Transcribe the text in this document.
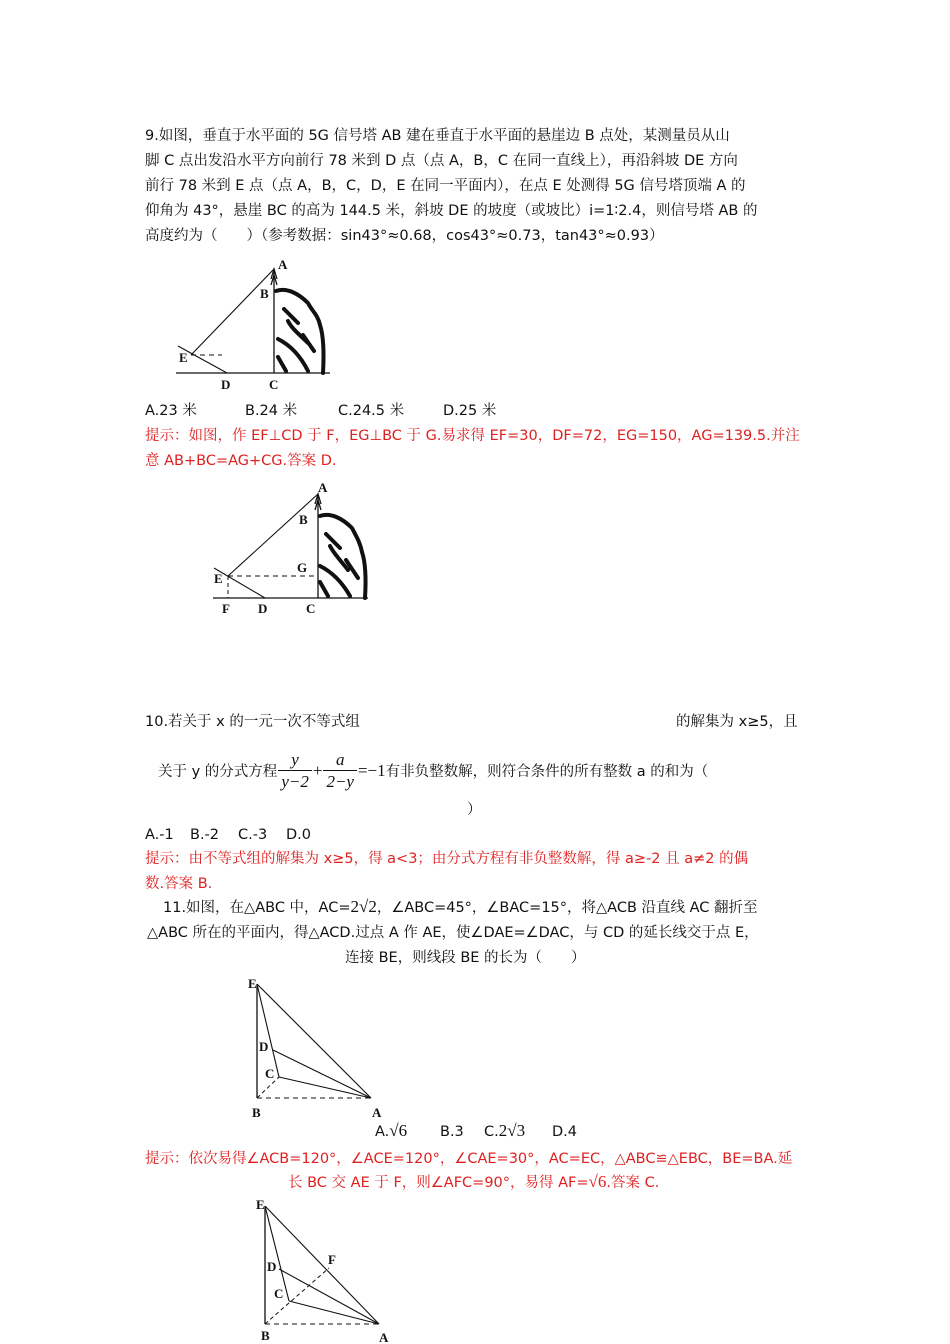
9.如图，垂直于水平面的 5G 信号塔 AB 建在垂直于水平面的悬崖边 B 点处，某测量员从山

脚 C 点出发沿水平方向前行 78 米到 D 点（点 A，B，C 在同一直线上），再沿斜坡 DE 方向

前行 78 米到 E 点（点 A，B，C，D，E 在同一平面内），在点 E 处测得 5G 信号塔顶端 A 的

仰角为 43°，悬崖 BC 的高为 144.5 米，斜坡 DE 的坡度（或坡比）i=1∶2.4，则信号塔 AB 的

高度约为（　　）（参考数据：sin43°≈0.68，cos43°≈0.73，tan43°≈0.93）

A
B
E
D	C
A.23 米	B.24 米	C.24.5 米	D.25 米

提示：如图，作 EF⊥CD 于 F，EG⊥BC 于 G.易求得 EF=30，DF=72，EG=150，AG=139.5.并注

意 AB+BC=AG+CG.答案 D.

A
B
G
E
F D	C
10.若关于 x 的一元一次不等式组	的解集为 x≥5，且
关于 y 的分式方程 $\frac{y}{y-2} + \frac{a}{2-y} =-1$有非负整数解，则符合条件的所有整数 a 的和为（
）
A.-1 B.-2 C.-3 D.0

提示：由不等式组的解集为 x≥5，得 a<3；由分式方程有非负整数解，得 a≥-2 且 a≠2 的偶

数.答案 B.

11.如图，在△ABC 中，AC=2√2，∠ABC=45°，∠BAC=15°，将△ACB 沿直线 AC 翻折至
△ABC 所在的平面内，得△ACD.过点 A 作 AE，使∠DAE=∠DAC，与 CD 的延长线交于点 E，
连接 BE，则线段 BE 的长为（　　）
E
D
C
B	A
A.√6 B.3 C.2√3 D.4

提示：依次易得∠ACB=120°，∠ACE=120°，∠CAE=30°，AC=EC，△ABC≌△EBC，BE=BA.延

长 BC 交 AE 于 F，则∠AFC=90°，易得 AF=√6.答案 C.
E
F
D
C
B	A
